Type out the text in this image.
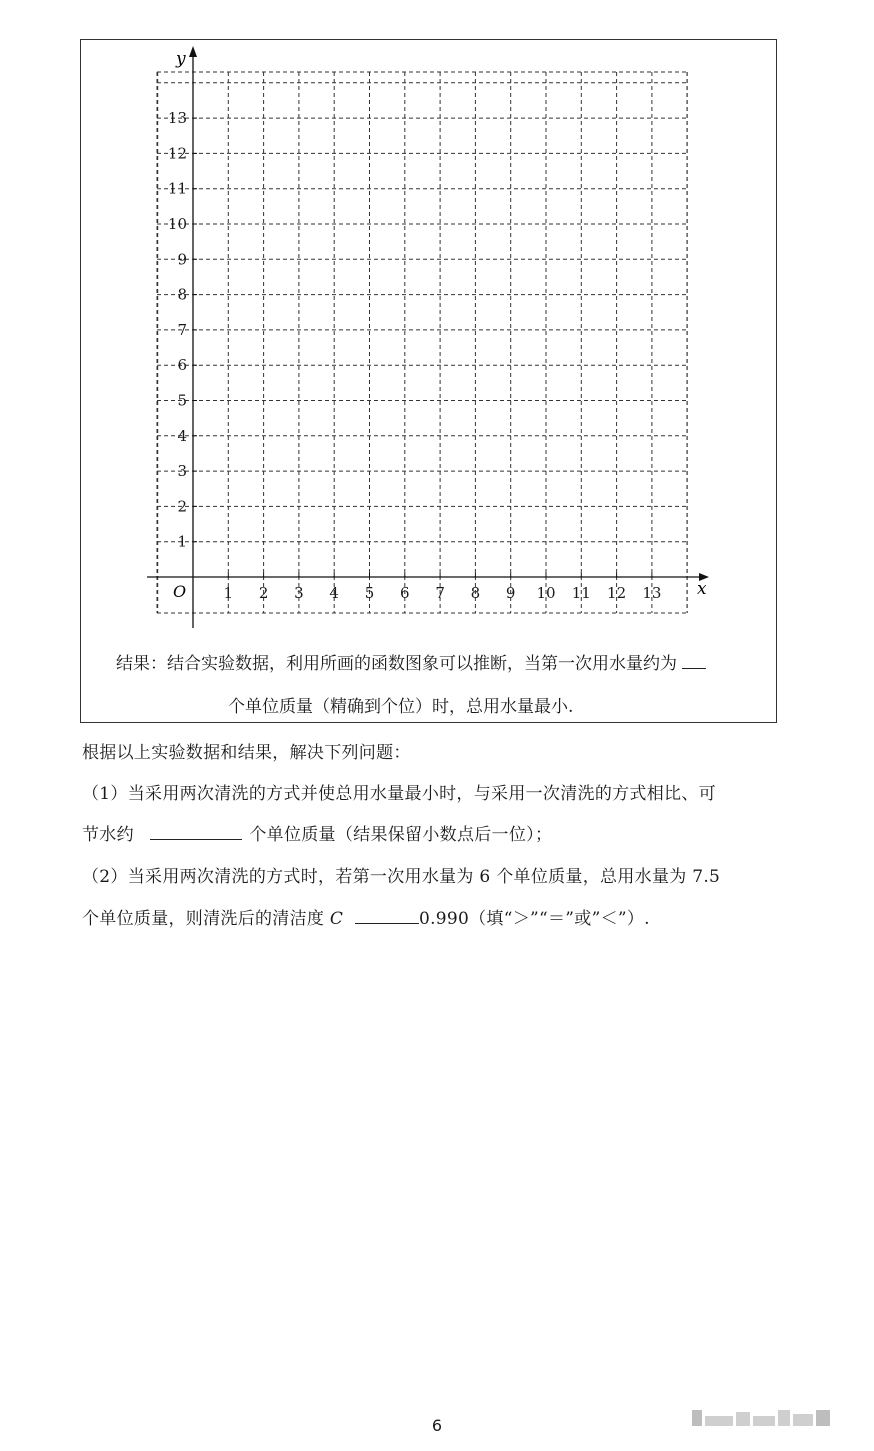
1 2 3 4 5 6 7 8 9 10 11 12 13
1
2
3
4
5
6
7
8
9
10
11
12
13
x
y
O
结果：结合实验数据，利用所画的函数图象可以推断，当第一次用水量约为
个单位质量（精确到个位）时，总用水量最小.
根据以上实验数据和结果，解决下列问题：
（1）当采用两次清洗的方式并使总用水量最小时，与采用一次清洗的方式相比、可
节水约	个单位质量（结果保留小数点后一位）；
（2）当采用两次清洗的方式时，若第一次用水量为 6 个单位质量，总用水量为 7.5
个单位质量，则清洗后的清洁度 C	0.990（填“＞”“＝”或”＜”）.
6
